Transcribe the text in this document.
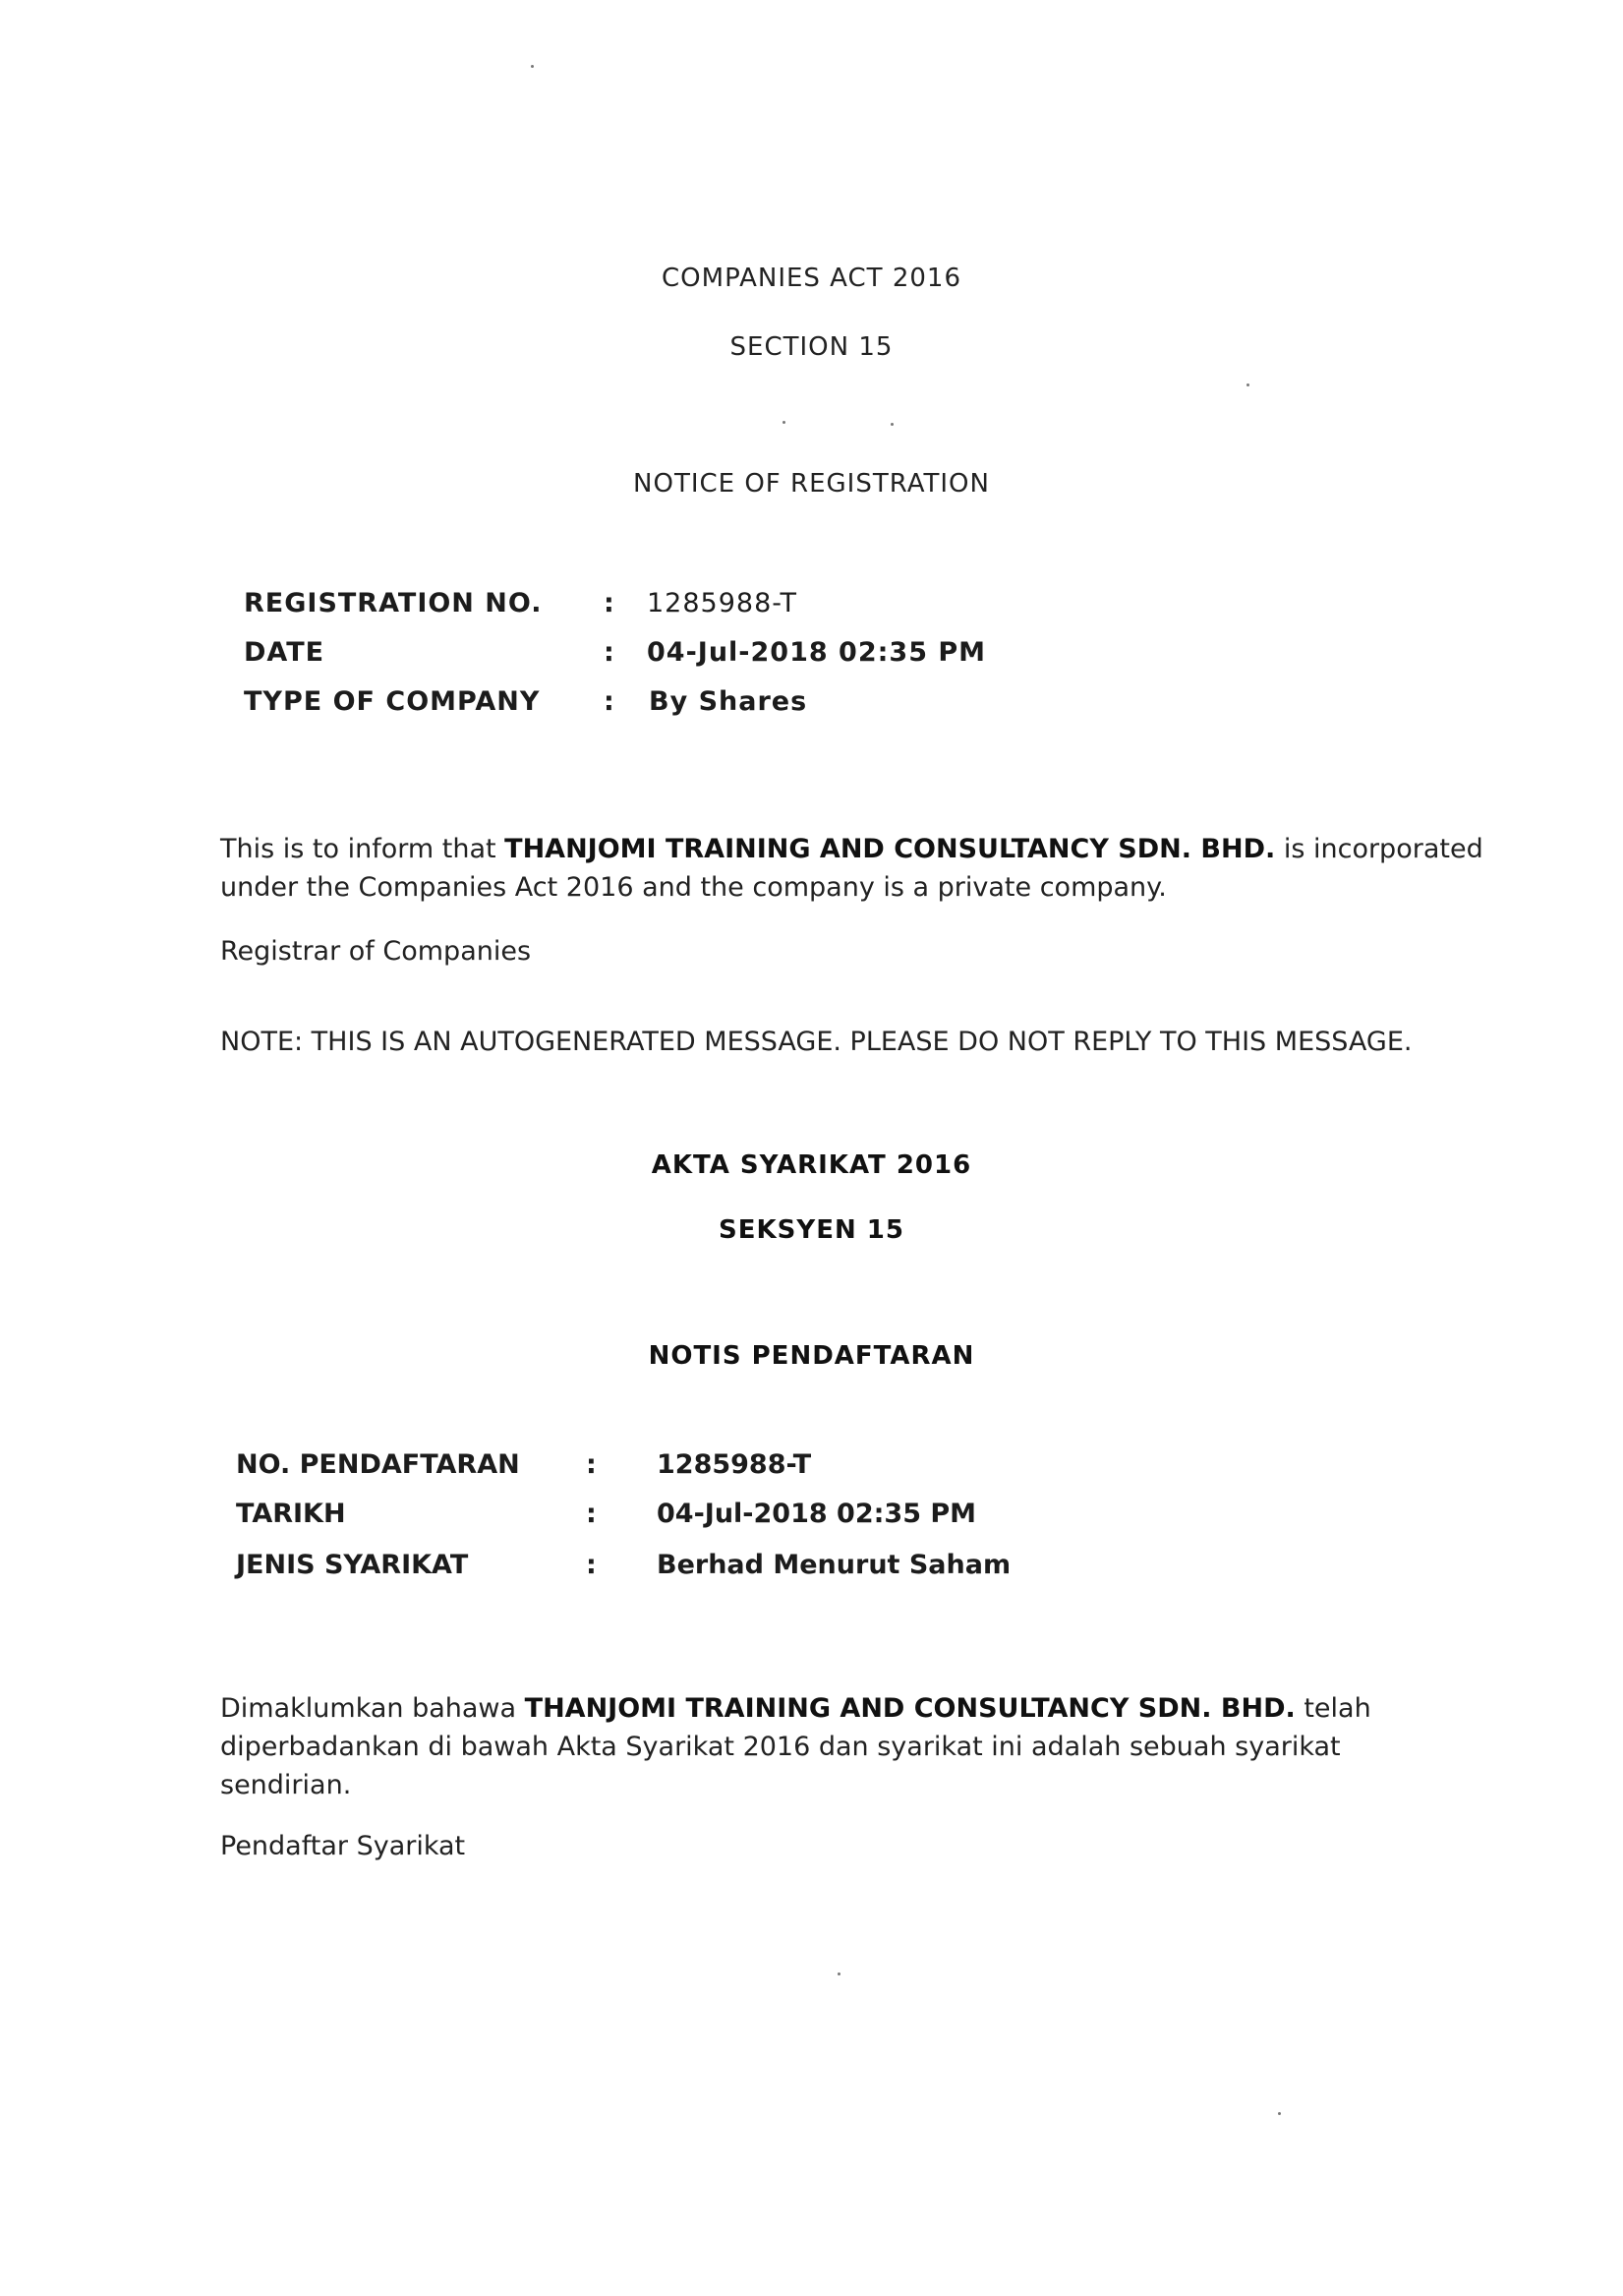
COMPANIES ACT 2016
SECTION 15
NOTICE OF REGISTRATION
REGISTRATION NO. : 1285988-T
DATE	: 04-Jul-2018 02:35 PM
TYPE OF COMPANY : By Shares
This is to inform that THANJOMI TRAINING AND CONSULTANCY SDN. BHD. is incorporated under the Companies Act 2016 and the company is a private company.
Registrar of Companies
NOTE: THIS IS AN AUTOGENERATED MESSAGE. PLEASE DO NOT REPLY TO THIS MESSAGE.
AKTA SYARIKAT 2016
SEKSYEN 15
NOTIS PENDAFTARAN
NO. PENDAFTARAN : 1285988-T
TARIKH	: 04-Jul-2018 02:35 PM
JENIS SYARIKAT	: Berhad Menurut Saham
Dimaklumkan bahawa THANJOMI TRAINING AND CONSULTANCY SDN. BHD. telah diperbadankan di bawah Akta Syarikat 2016 dan syarikat ini adalah sebuah syarikat sendirian.
Pendaftar Syarikat
